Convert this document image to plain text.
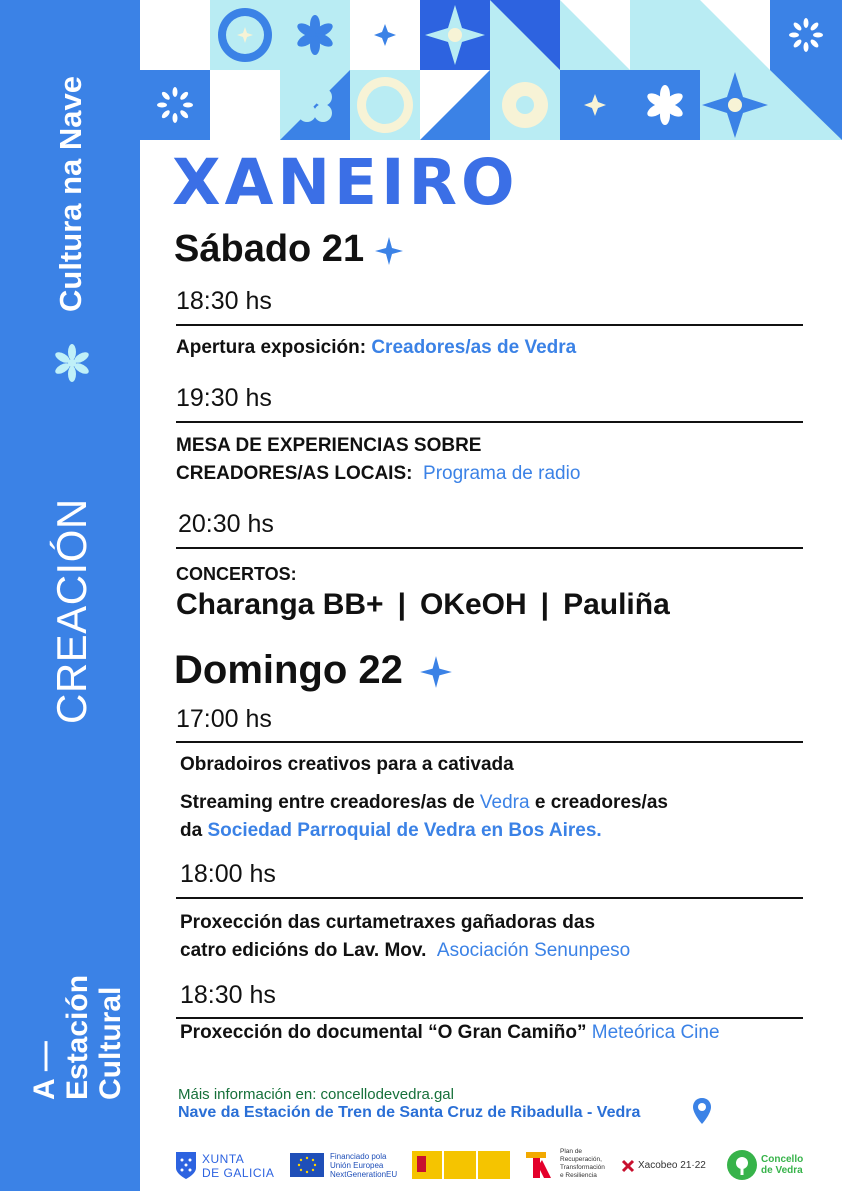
Cultura na Nave
CREACIÓN
A — Estación Cultural
XANEIRO
Sábado 21
18:30 hs
Apertura exposición: Creadores/as de Vedra
19:30 hs
MESA DE EXPERIENCIAS SOBRE
CREADORES/AS LOCAIS: Programa de radio
20:30 hs
CONCERTOS:
Charanga BB+ | OKeOH | Pauliña
Domingo 22
17:00 hs
Obradoiros creativos para a cativada
Streaming entre creadores/as de Vedra e creadores/as
da Sociedad Parroquial de Vedra en Bos Aires.
18:00 hs
Proxección das curtametraxes gañadoras das
catro edicións do Lav. Mov. Asociación Senunpeso
18:30 hs
Proxección do documental “O Gran Camiño” Meteórica Cine
Máis información en: concellodevedra.gal
Nave da Estación de Tren de Santa Cruz de Ribadulla - Vedra
XUNTA
DE GALICIA
Financiado pola
Unión Europea
NextGenerationEU
Plan de
Recuperación,
Transformación
e Resiliencia
Xacobeo 21·22
Concello
de Vedra
